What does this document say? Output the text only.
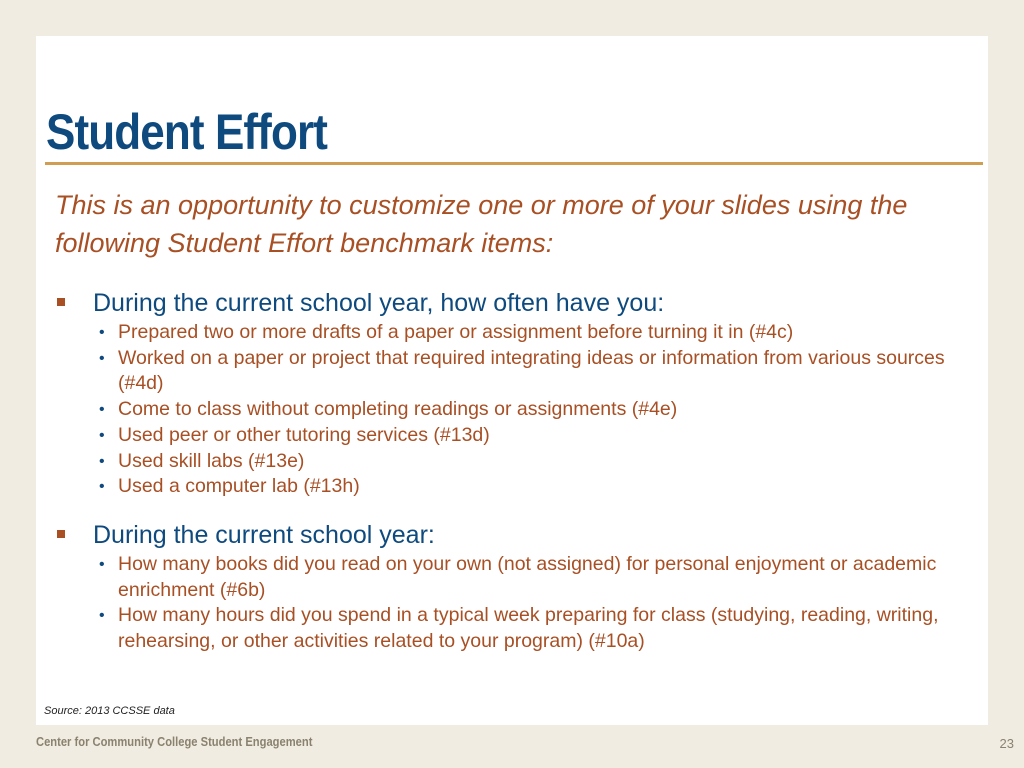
Student Effort
This is an opportunity to customize one or more of your slides using the following Student Effort benchmark items:
During the current school year, how often have you:
• Prepared two or more drafts of a paper or assignment before turning it in (#4c)
• Worked on a paper or project that required integrating ideas or information from various sources (#4d)
• Come to class without completing readings or assignments (#4e)
• Used peer or other tutoring services (#13d)
• Used skill labs (#13e)
• Used a computer lab (#13h)
During the current school year:
• How many books did you read on your own (not assigned) for personal enjoyment or academic enrichment (#6b)
• How many hours did you spend in a typical week preparing for class (studying, reading, writing, rehearsing, or other activities related to your program) (#10a)
Source: 2013 CCSSE data
Center for Community College Student Engagement	23
